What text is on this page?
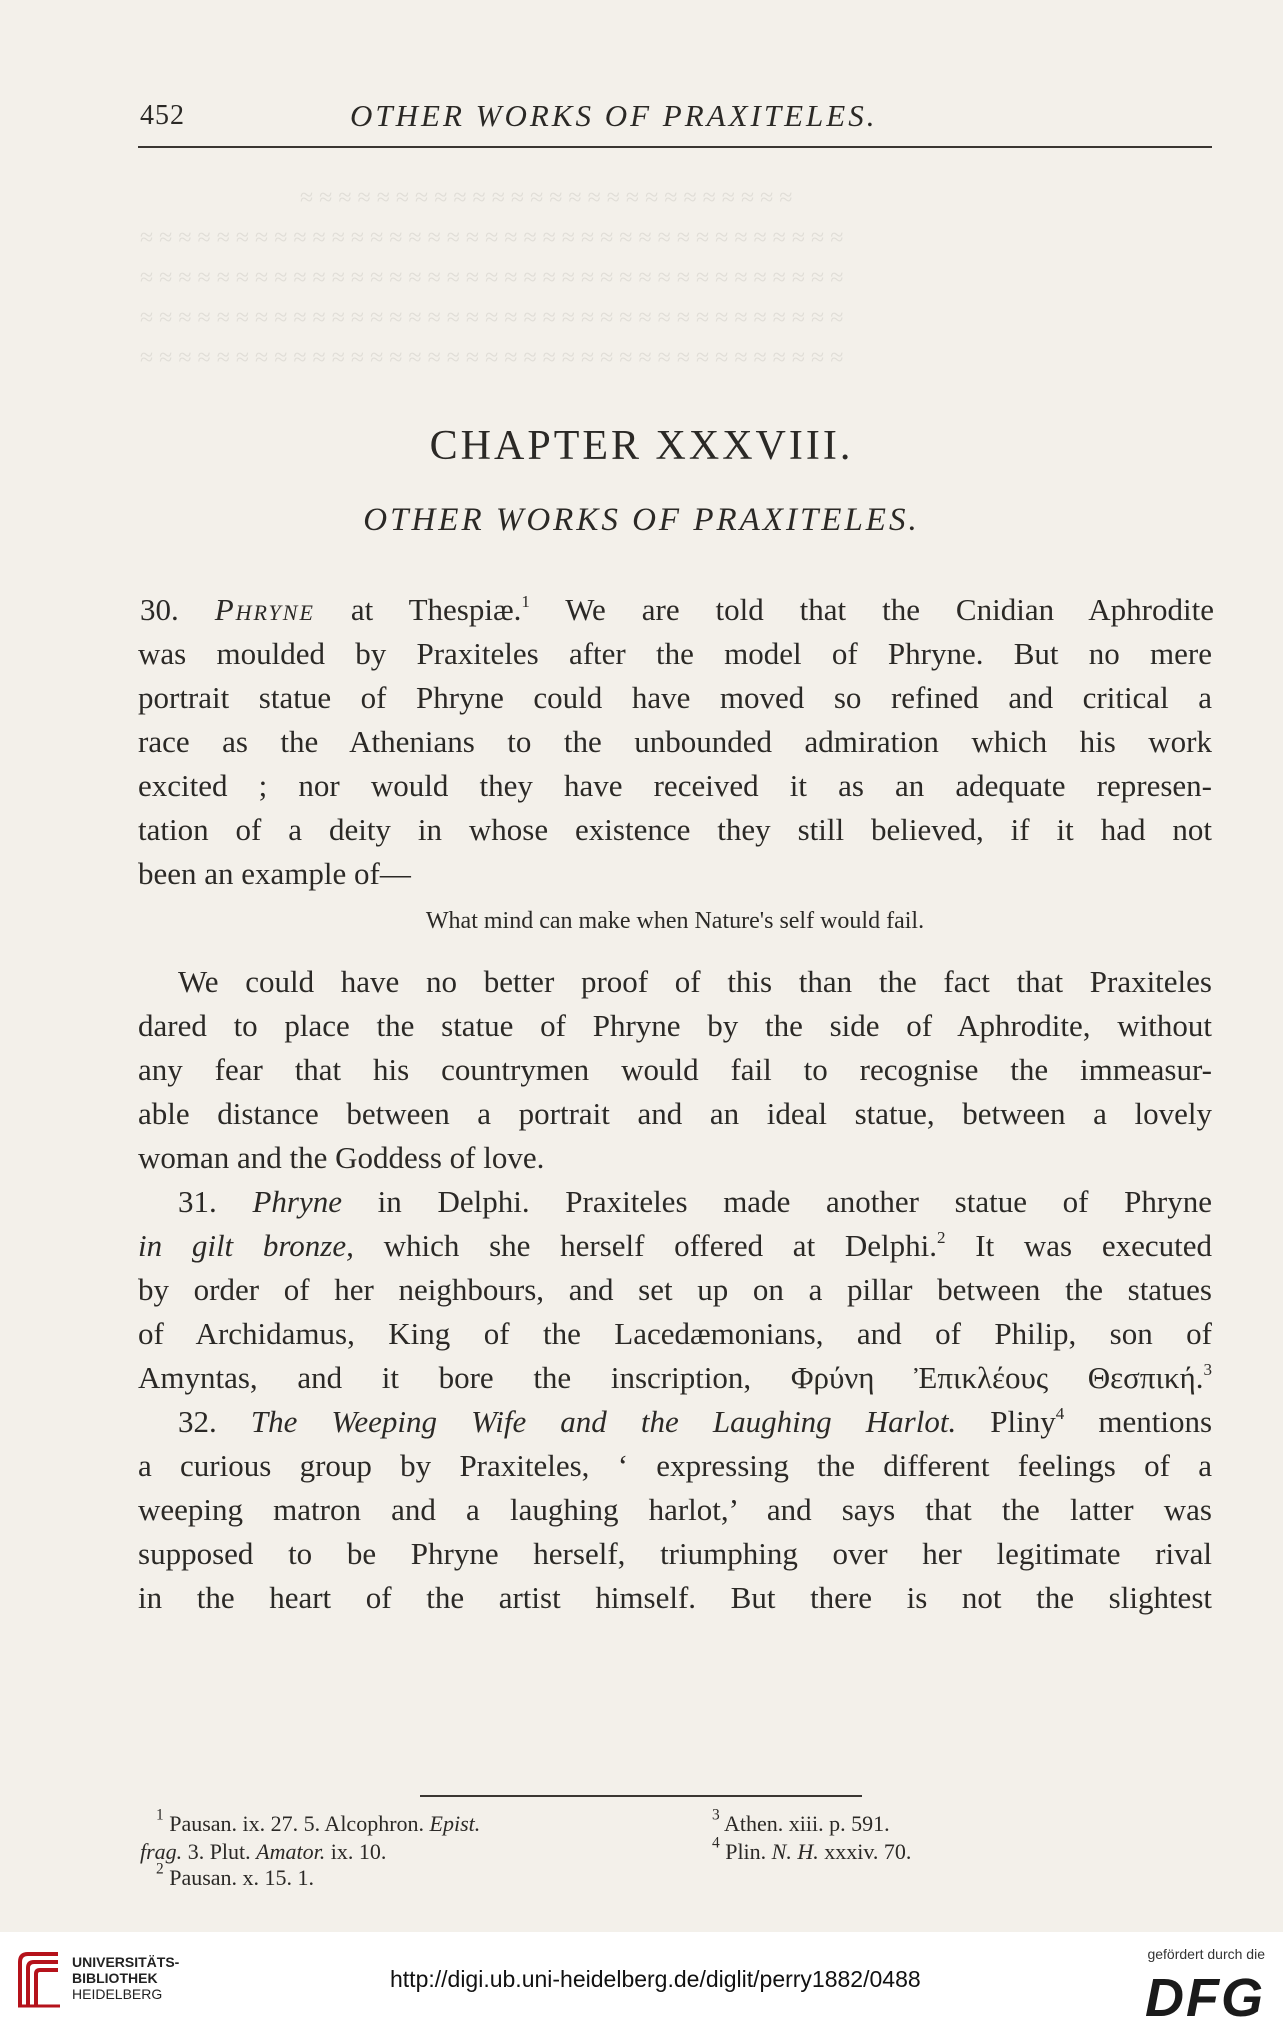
≈ ≈ ≈ ≈ ≈ ≈ ≈ ≈ ≈ ≈ ≈ ≈ ≈ ≈ ≈ ≈ ≈ ≈ ≈ ≈ ≈ ≈ ≈ ≈ ≈ ≈
≈ ≈ ≈ ≈ ≈ ≈ ≈ ≈ ≈ ≈ ≈ ≈ ≈ ≈ ≈ ≈ ≈ ≈ ≈ ≈ ≈ ≈ ≈ ≈ ≈ ≈ ≈ ≈ ≈ ≈ ≈ ≈ ≈ ≈ ≈ ≈ ≈
≈ ≈ ≈ ≈ ≈ ≈ ≈ ≈ ≈ ≈ ≈ ≈ ≈ ≈ ≈ ≈ ≈ ≈ ≈ ≈ ≈ ≈ ≈ ≈ ≈ ≈ ≈ ≈ ≈ ≈ ≈ ≈ ≈ ≈ ≈ ≈ ≈
≈ ≈ ≈ ≈ ≈ ≈ ≈ ≈ ≈ ≈ ≈ ≈ ≈ ≈ ≈ ≈ ≈ ≈ ≈ ≈ ≈ ≈ ≈ ≈ ≈ ≈ ≈ ≈ ≈ ≈ ≈ ≈ ≈ ≈ ≈ ≈ ≈
≈ ≈ ≈ ≈ ≈ ≈ ≈ ≈ ≈ ≈ ≈ ≈ ≈ ≈ ≈ ≈ ≈ ≈ ≈ ≈ ≈ ≈ ≈ ≈ ≈ ≈ ≈ ≈ ≈ ≈ ≈ ≈ ≈ ≈ ≈ ≈ ≈
452	OTHER WORKS OF PRAXITELES.
CHAPTER XXXVIII.
OTHER WORKS OF PRAXITELES.
30. Phryne at Thespiæ.$^1$ We are told that the Cnidian Aphrodite
was moulded by Praxiteles after the model of Phryne. But no mere
portrait statue of Phryne could have moved so refined and critical a
race as the Athenians to the unbounded admiration which his work
excited ; nor would they have received it as an adequate represen-
tation of a deity in whose existence they still believed, if it had not
been an example of—
What mind can make when Nature's self would fail.
We could have no better proof of this than the fact that Praxiteles
dared to place the statue of Phryne by the side of Aphrodite, without
any fear that his countrymen would fail to recognise the immeasur-
able distance between a portrait and an ideal statue, between a lovely
woman and the Goddess of love.
31. Phryne in Delphi. Praxiteles made another statue of Phryne
in gilt bronze, which she herself offered at Delphi.$^2$ It was executed
by order of her neighbours, and set up on a pillar between the statues
of Archidamus, King of the Lacedæmonians, and of Philip, son of
Amyntas, and it bore the inscription, Φρύνη Ἐπικλέους Θεσπική.$^3$
32. The Weeping Wife and the Laughing Harlot. Pliny$^4$ mentions
a curious group by Praxiteles, ‘ expressing the different feelings of a
weeping matron and a laughing harlot,’ and says that the latter was
supposed to be Phryne herself, triumphing over her legitimate rival
in the heart of the artist himself. But there is not the slightest
$^1$ Pausan. ix. 27. 5. Alcophron. Epist.
frag. 3. Plut. Amator. ix. 10.
$^2$ Pausan. x. 15. 1.
$^3$ Athen. xiii. p. 591.
$^4$ Plin. N. H. xxxiv. 70.
UNIVERSITÄTS-
BIBLIOTHEK
HEIDELBERG
http://digi.ub.uni-heidelberg.de/diglit/perry1882/0488
gefördert durch die
DFG
